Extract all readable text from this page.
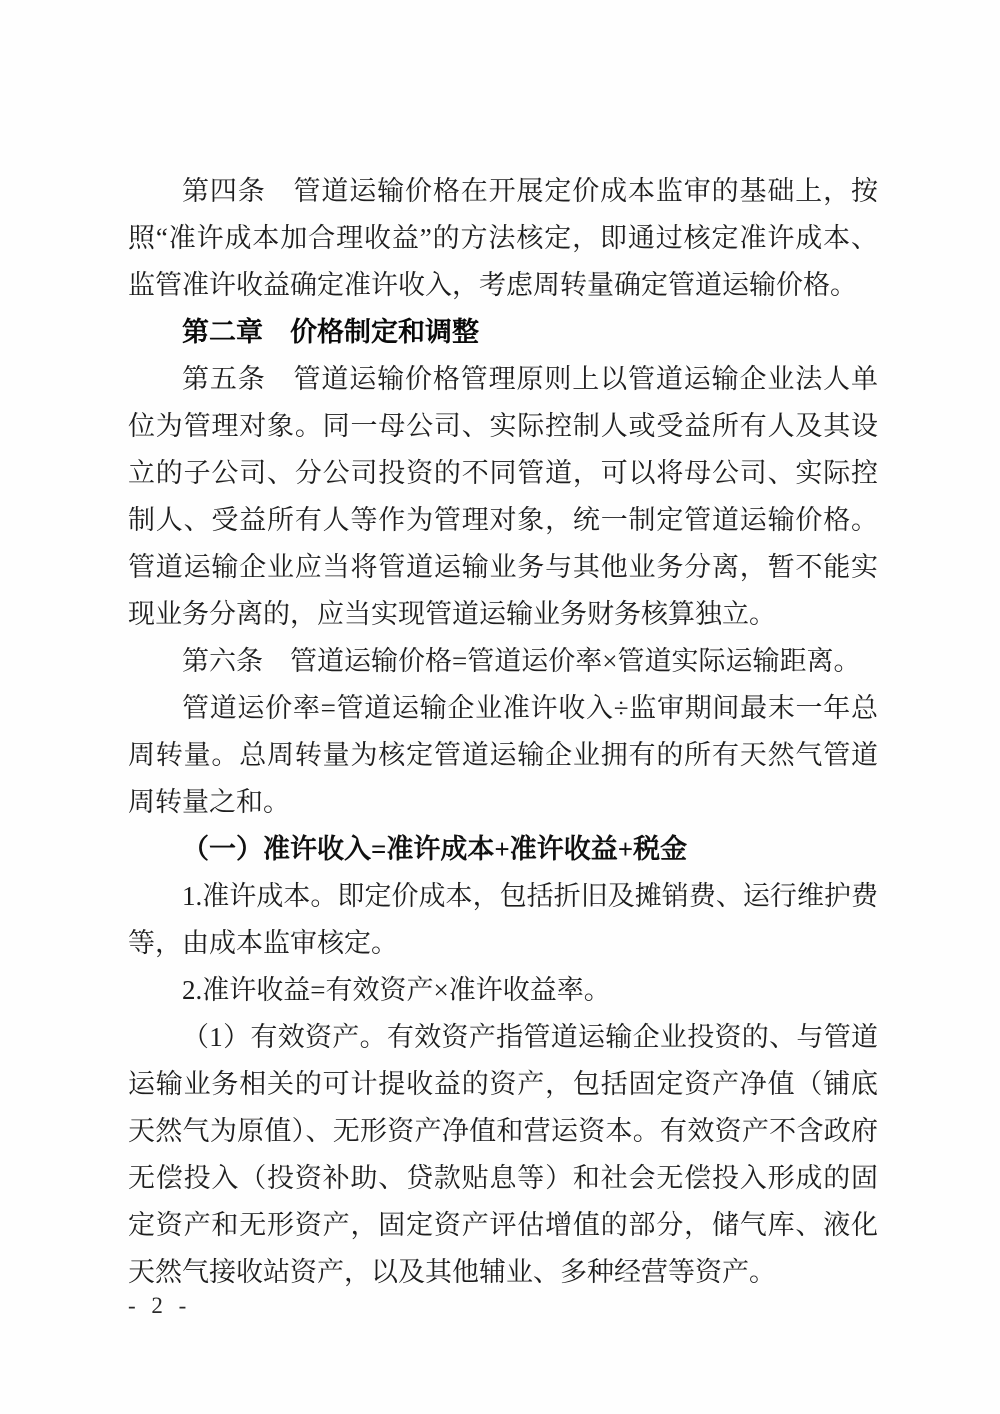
第四条　管道运输价格在开展定价成本监审的基础上，按照“准许成本加合理收益”的方法核定，即通过核定准许成本、监管准许收益确定准许收入，考虑周转量确定管道运输价格。

第二章　价格制定和调整

第五条　管道运输价格管理原则上以管道运输企业法人单位为管理对象。同一母公司、实际控制人或受益所有人及其设立的子公司、分公司投资的不同管道，可以将母公司、实际控制人、受益所有人等作为管理对象，统一制定管道运输价格。管道运输企业应当将管道运输业务与其他业务分离，暂不能实现业务分离的，应当实现管道运输业务财务核算独立。

第六条　管道运输价格=管道运价率×管道实际运输距离。

管道运价率=管道运输企业准许收入÷监审期间最末一年总周转量。总周转量为核定管道运输企业拥有的所有天然气管道周转量之和。

（一）准许收入=准许成本+准许收益+税金

1.准许成本。即定价成本，包括折旧及摊销费、运行维护费等，由成本监审核定。

2.准许收益=有效资产×准许收益率。

（1）有效资产。有效资产指管道运输企业投资的、与管道运输业务相关的可计提收益的资产，包括固定资产净值（铺底天然气为原值）、无形资产净值和营运资本。有效资产不含政府无偿投入（投资补助、贷款贴息等）和社会无偿投入形成的固定资产和无形资产，固定资产评估增值的部分，储气库、液化天然气接收站资产，以及其他辅业、多种经营等资产。

- 2 -
